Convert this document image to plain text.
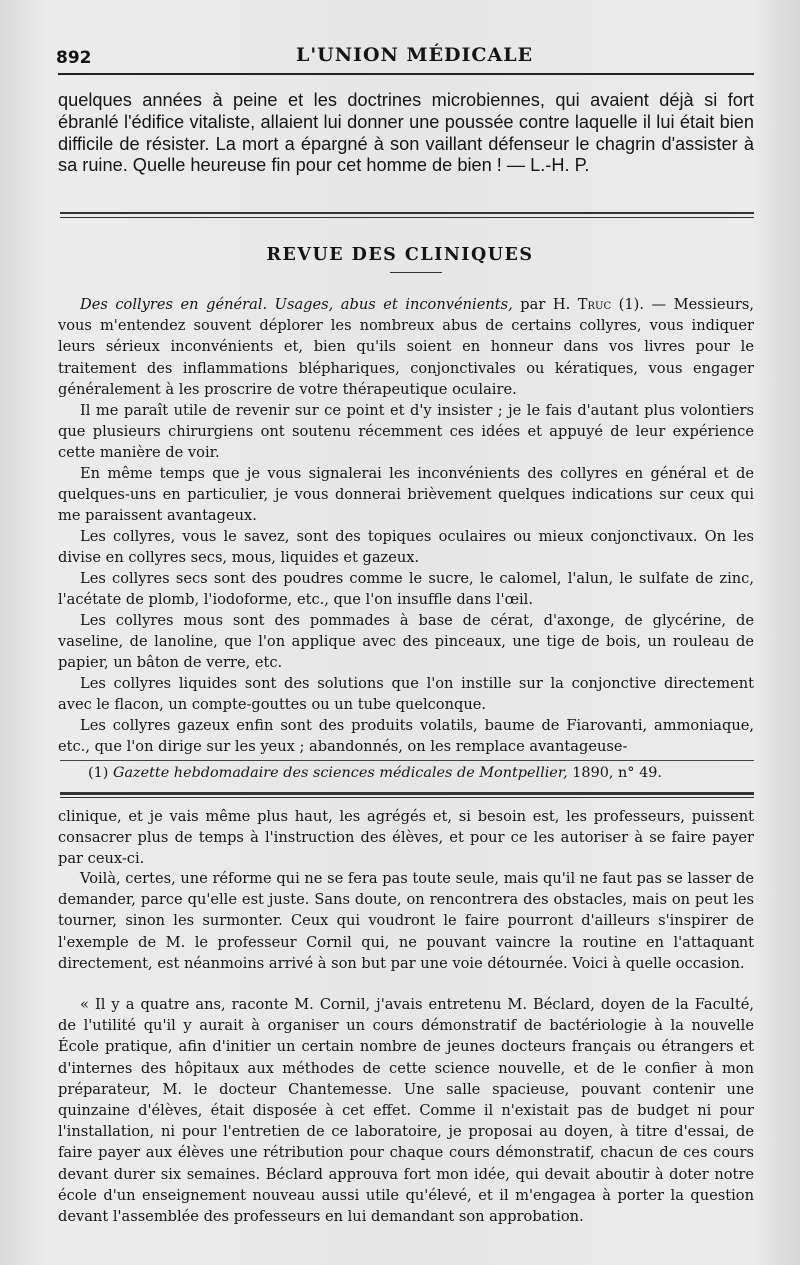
892	L'UNION MÉDICALE

quelques années à peine et les doctrines microbiennes, qui avaient déjà si fort ébranlé l'édifice vitaliste, allaient lui donner une poussée contre laquelle il lui était bien difficile de résister. La mort a épargné à son vaillant défenseur le chagrin d'assister à sa ruine. Quelle heureuse fin pour cet homme de bien ! — L.-H. P.

REVUE DES CLINIQUES

Des collyres en général. Usages, abus et inconvénients, par H. Truc (1). — Messieurs, vous m'entendez souvent déplorer les nombreux abus de certains collyres, vous indiquer leurs sérieux inconvénients et, bien qu'ils soient en honneur dans vos livres pour le traitement des inflammations bléphariques, conjonctivales ou kératiques, vous engager généralement à les proscrire de votre thérapeutique oculaire.

Il me paraît utile de revenir sur ce point et d'y insister ; je le fais d'autant plus volontiers que plusieurs chirurgiens ont soutenu récemment ces idées et appuyé de leur expérience cette manière de voir.

En même temps que je vous signalerai les inconvénients des collyres en général et de quelques-uns en particulier, je vous donnerai brièvement quelques indications sur ceux qui me paraissent avantageux.

Les collyres, vous le savez, sont des topiques oculaires ou mieux conjonctivaux. On les divise en collyres secs, mous, liquides et gazeux.

Les collyres secs sont des poudres comme le sucre, le calomel, l'alun, le sulfate de zinc, l'acétate de plomb, l'iodoforme, etc., que l'on insuffle dans l'œil.

Les collyres mous sont des pommades à base de cérat, d'axonge, de glycérine, de vaseline, de lanoline, que l'on applique avec des pinceaux, une tige de bois, un rouleau de papier, un bâton de verre, etc.

Les collyres liquides sont des solutions que l'on instille sur la conjonctive directement avec le flacon, un compte-gouttes ou un tube quelconque.

Les collyres gazeux enfin sont des produits volatils, baume de Fiarovanti, ammoniaque, etc., que l'on dirige sur les yeux ; abandonnés, on les remplace avantageuse-

(1) Gazette hebdomadaire des sciences médicales de Montpellier, 1890, n° 49.

clinique, et je vais même plus haut, les agrégés et, si besoin est, les professeurs, puissent consacrer plus de temps à l'instruction des élèves, et pour ce les autoriser à se faire payer par ceux-ci.

Voilà, certes, une réforme qui ne se fera pas toute seule, mais qu'il ne faut pas se lasser de demander, parce qu'elle est juste. Sans doute, on rencontrera des obstacles, mais on peut les tourner, sinon les surmonter. Ceux qui voudront le faire pourront d'ailleurs s'inspirer de l'exemple de M. le professeur Cornil qui, ne pouvant vaincre la routine en l'attaquant directement, est néanmoins arrivé à son but par une voie détournée. Voici à quelle occasion.

« Il y a quatre ans, raconte M. Cornil, j'avais entretenu M. Béclard, doyen de la Faculté, de l'utilité qu'il y aurait à organiser un cours démonstratif de bactériologie à la nouvelle École pratique, afin d'initier un certain nombre de jeunes docteurs français ou étrangers et d'internes des hôpitaux aux méthodes de cette science nouvelle, et de le confier à mon préparateur, M. le docteur Chantemesse. Une salle spacieuse, pouvant contenir une quinzaine d'élèves, était disposée à cet effet. Comme il n'existait pas de budget ni pour l'installation, ni pour l'entretien de ce laboratoire, je proposai au doyen, à titre d'essai, de faire payer aux élèves une rétribution pour chaque cours démonstratif, chacun de ces cours devant durer six semaines. Béclard approuva fort mon idée, qui devait aboutir à doter notre école d'un enseignement nouveau aussi utile qu'élevé, et il m'engagea à porter la question devant l'assemblée des professeurs en lui demandant son approbation.
